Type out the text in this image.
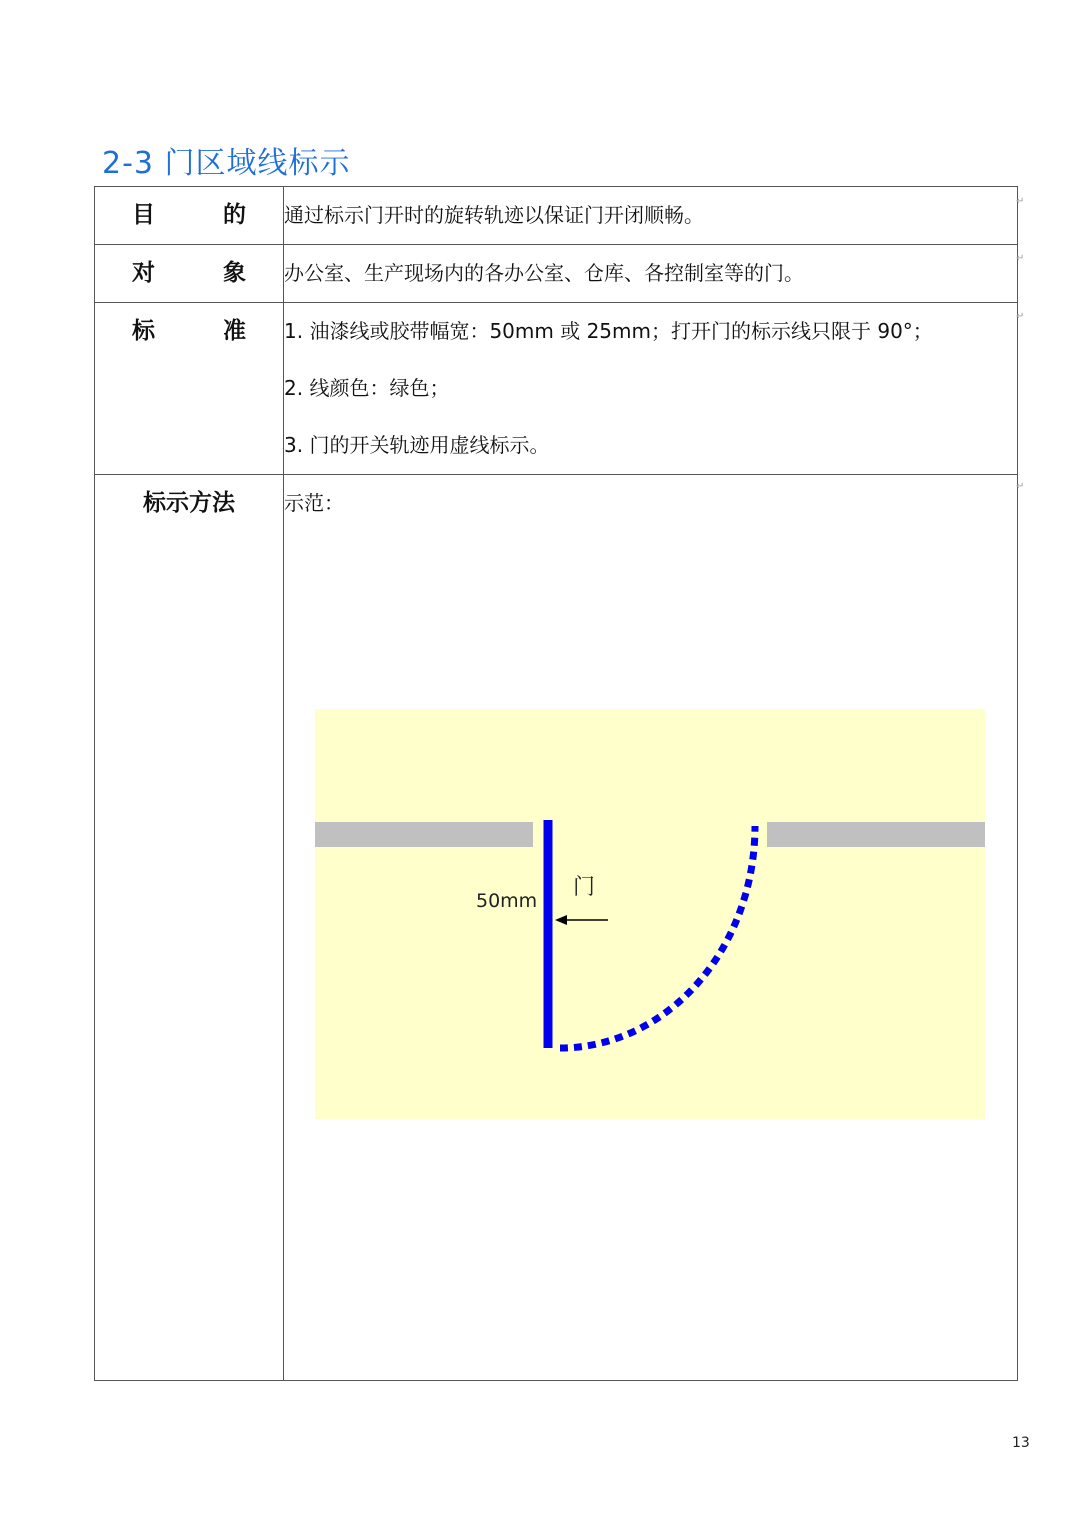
2-3 门区域线标示
目 的	通过标示门开时的旋转轨迹以保证门开闭顺畅。

对 象	办公室、生产现场内的各办公室、仓库、各控制室等的门。

标 准	1. 油漆线或胶带幅宽：50mm 或 25mm；打开门的标示线只限于 90°；
2. 线颜色：绿色；
3. 门的开关轨迹用虚线标示。

标示方法	示范：
↵
↵
↵
↵
50mm
门
13
